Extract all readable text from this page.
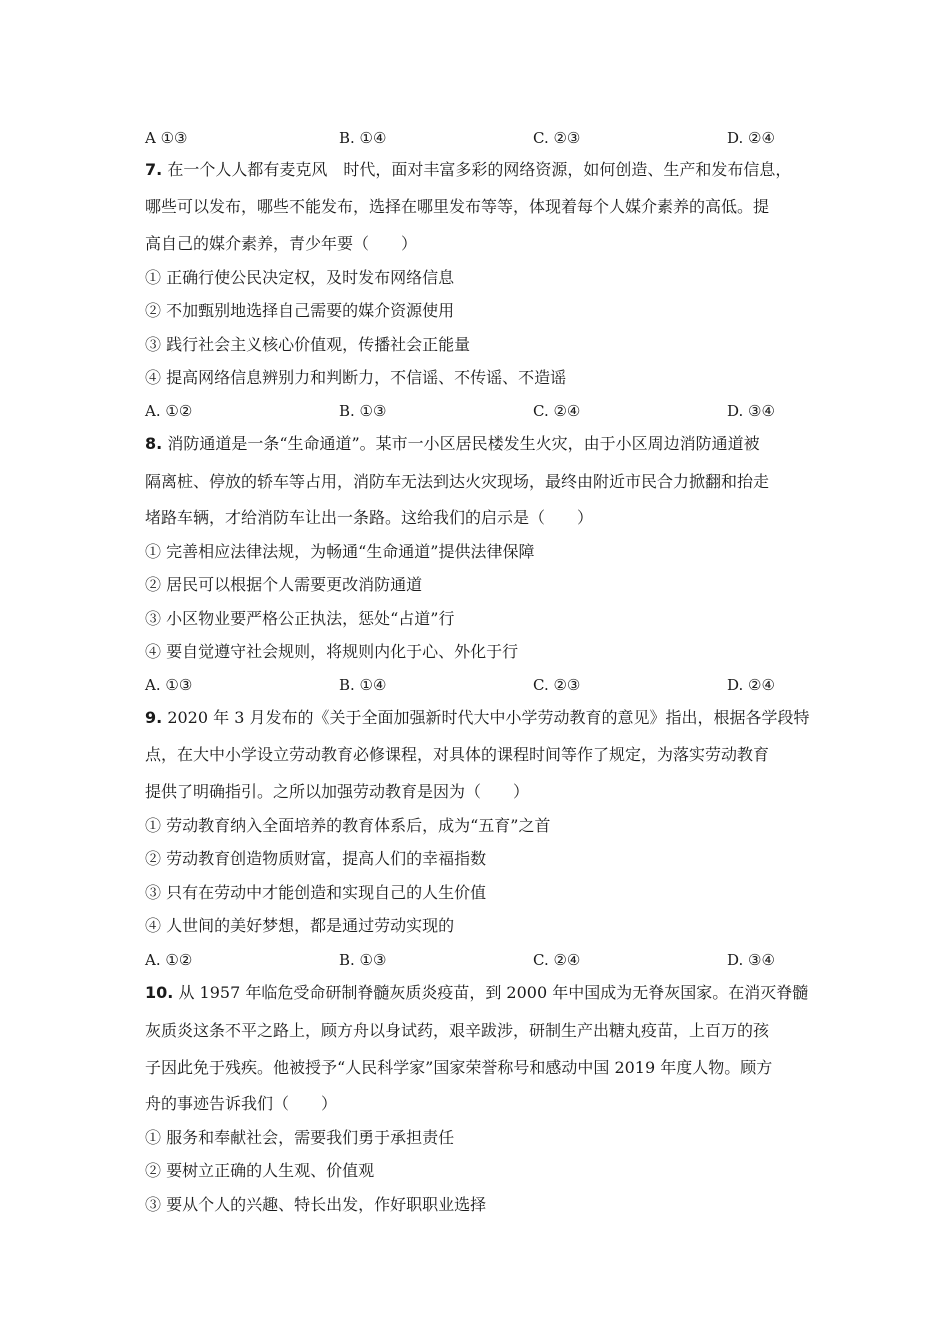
A ①③	B. ①④	C. ②③	D. ②④
7. 在一个人人都有麦克风　时代，面对丰富多彩的网络资源，如何创造、生产和发布信息，
哪些可以发布，哪些不能发布，选择在哪里发布等等，体现着每个人媒介素养的高低。提
高自己的媒介素养，青少年要（　　）
① 正确行使公民决定权，及时发布网络信息
② 不加甄别地选择自己需要的媒介资源使用
③ 践行社会主义核心价值观，传播社会正能量
④ 提高网络信息辨别力和判断力，不信谣、不传谣、不造谣
A. ①②	B. ①③	C. ②④	D. ③④
8. 消防通道是一条“生命通道”。某市一小区居民楼发生火灾，由于小区周边消防通道被
隔离桩、停放的轿车等占用，消防车无法到达火灾现场，最终由附近市民合力掀翻和抬走
堵路车辆，才给消防车让出一条路。这给我们的启示是（　　）
① 完善相应法律法规，为畅通“生命通道”提供法律保障
② 居民可以根据个人需要更改消防通道
③ 小区物业要严格公正执法，惩处“占道”行
④ 要自觉遵守社会规则，将规则内化于心、外化于行
A. ①③	B. ①④	C. ②③	D. ②④
9. 2020 年 3 月发布的《关于全面加强新时代大中小学劳动教育的意见》指出，根据各学段特
点，在大中小学设立劳动教育必修课程，对具体的课程时间等作了规定，为落实劳动教育
提供了明确指引。之所以加强劳动教育是因为（　　）
① 劳动教育纳入全面培养的教育体系后，成为“五育”之首
② 劳动教育创造物质财富，提高人们的幸福指数
③ 只有在劳动中才能创造和实现自己的人生价值
④ 人世间的美好梦想，都是通过劳动实现的
A. ①②	B. ①③	C. ②④	D. ③④
10. 从 1957 年临危受命研制脊髓灰质炎疫苗，到 2000 年中国成为无脊灰国家。在消灭脊髓
灰质炎这条不平之路上，顾方舟以身试药，艰辛跋涉，研制生产出糖丸疫苗，上百万的孩
子因此免于残疾。他被授予“人民科学家”国家荣誉称号和感动中国 2019 年度人物。顾方
舟的事迹告诉我们（　　）
① 服务和奉献社会，需要我们勇于承担责任
② 要树立正确的人生观、价值观
③ 要从个人的兴趣、特长出发，作好职职业选择
